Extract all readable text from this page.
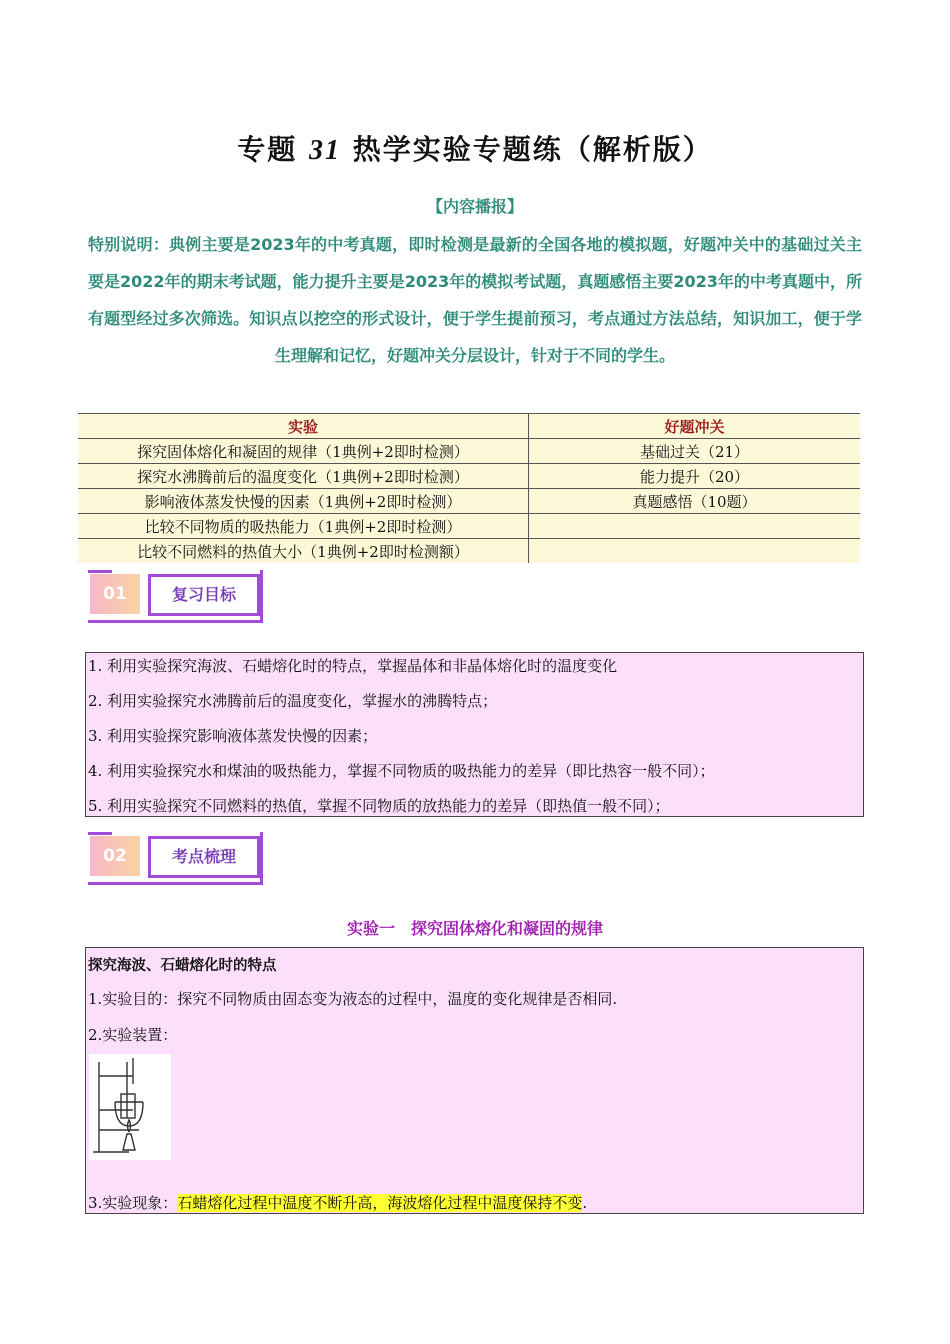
专题 31 热学实验专题练（解析版）
【内容播报】
特别说明：典例主要是2023年的中考真题，即时检测是最新的全国各地的模拟题，好题冲关中的基础过关主要是2022年的期末考试题，能力提升主要是2023年的模拟考试题，真题感悟主要2023年的中考真题中，所有题型经过多次筛选。知识点以挖空的形式设计，便于学生提前预习，考点通过方法总结，知识加工，便于学生理解和记忆，好题冲关分层设计，针对于不同的学生。
实验	好题冲关
探究固体熔化和凝固的规律（1典例+2即时检测）	基础过关（21）
探究水沸腾前后的温度变化（1典例+2即时检测）	能力提升（20）
影响液体蒸发快慢的因素（1典例+2即时检测）	真题感悟（10题）
比较不同物质的吸热能力（1典例+2即时检测）	
比较不同燃料的热值大小（1典例+2即时检测额）	
01	复习目标
1. 利用实验探究海波、石蜡熔化时的特点，掌握晶体和非晶体熔化时的温度变化
2. 利用实验探究水沸腾前后的温度变化，掌握水的沸腾特点；
3. 利用实验探究影响液体蒸发快慢的因素；
4. 利用实验探究水和煤油的吸热能力，掌握不同物质的吸热能力的差异（即比热容一般不同）；
5. 利用实验探究不同燃料的热值，掌握不同物质的放热能力的差异（即热值一般不同）；
02	考点梳理
实验一　探究固体熔化和凝固的规律
探究海波、石蜡熔化时的特点
1.实验目的：探究不同物质由固态变为液态的过程中，温度的变化规律是否相同.
2.实验装置：
3.实验现象：石蜡熔化过程中温度不断升高，海波熔化过程中温度保持不变.
